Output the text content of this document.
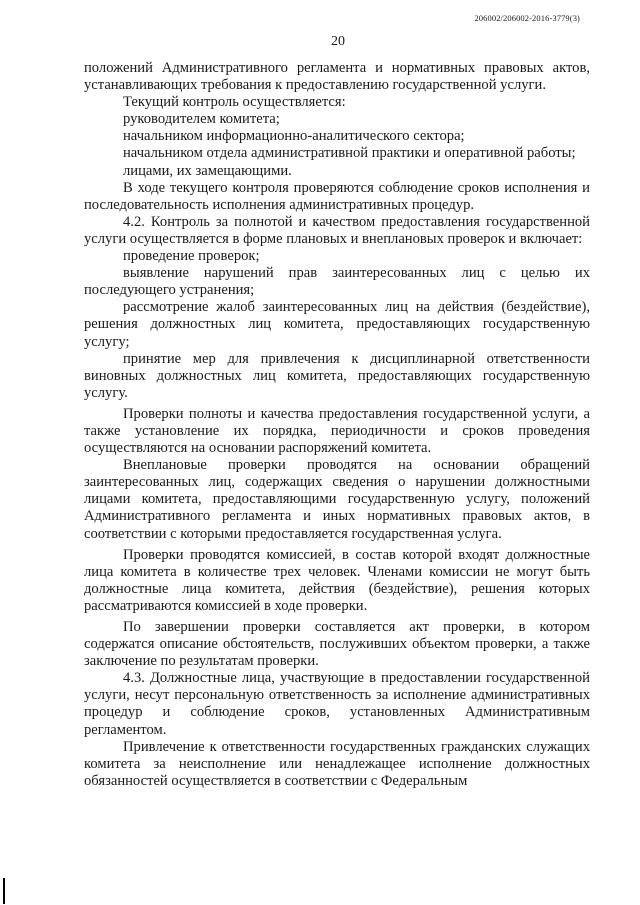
206002/206002-2016-3779(3)
20

положений Административного регламента и нормативных правовых актов, устанавливающих требования к предоставлению государственной услуги.

Текущий контроль осуществляется:

руководителем комитета;

начальником информационно-аналитического сектора;

начальником отдела административной практики и оперативной работы;

лицами, их замещающими.

В ходе текущего контроля проверяются соблюдение сроков исполнения и последовательность исполнения административных процедур.

4.2. Контроль за полнотой и качеством предоставления государственной услуги осуществляется в форме плановых и внеплановых проверок и включает:

проведение проверок;

выявление нарушений прав заинтересованных лиц с целью их последующего устранения;

рассмотрение жалоб заинтересованных лиц на действия (бездействие), решения должностных лиц комитета, предоставляющих государственную услугу;

принятие мер для привлечения к дисциплинарной ответственности виновных должностных лиц комитета, предоставляющих государственную услугу.

Проверки полноты и качества предоставления государственной услуги, а также установление их порядка, периодичности и сроков проведения осуществляются на основании распоряжений комитета.

Внеплановые проверки проводятся на основании обращений заинтересованных лиц, содержащих сведения о нарушении должностными лицами комитета, предоставляющими государственную услугу, положений Административного регламента и иных нормативных правовых актов, в соответствии с которыми предоставляется государственная услуга.

Проверки проводятся комиссией, в состав которой входят должностные лица комитета в количестве трех человек. Членами комиссии не могут быть должностные лица комитета, действия (бездействие), решения которых рассматриваются комиссией в ходе проверки.

По завершении проверки составляется акт проверки, в котором содержатся описание обстоятельств, послуживших объектом проверки, а также заключение по результатам проверки.

4.3. Должностные лица, участвующие в предоставлении государственной услуги, несут персональную ответственность за исполнение административных процедур и соблюдение сроков, установленных Административным регламентом.

Привлечение к ответственности государственных гражданских служащих комитета за неисполнение или ненадлежащее исполнение должностных обязанностей осуществляется в соответствии с Федеральным
